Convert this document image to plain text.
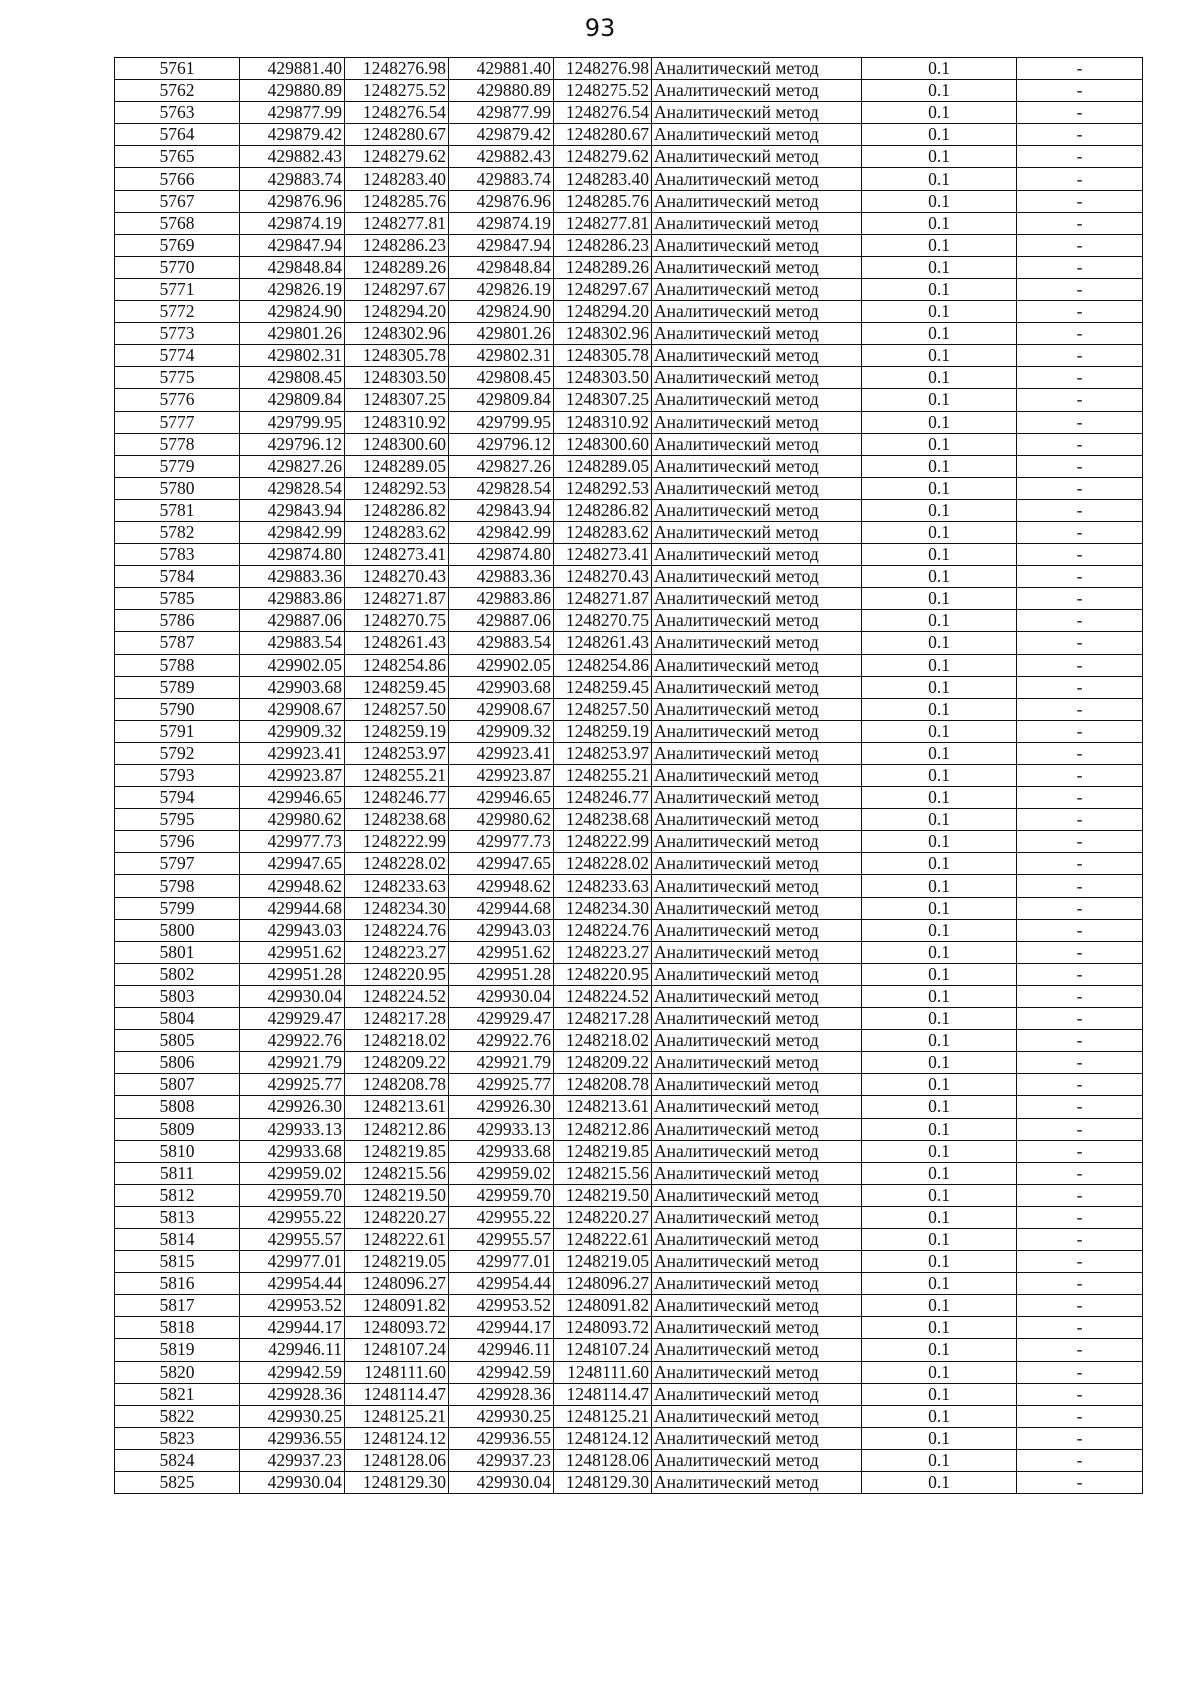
93
5761	429881.40	1248276.98	429881.40	1248276.98	Аналитический метод	0.1	-
5762	429880.89	1248275.52	429880.89	1248275.52	Аналитический метод	0.1	-
5763	429877.99	1248276.54	429877.99	1248276.54	Аналитический метод	0.1	-
5764	429879.42	1248280.67	429879.42	1248280.67	Аналитический метод	0.1	-
5765	429882.43	1248279.62	429882.43	1248279.62	Аналитический метод	0.1	-
5766	429883.74	1248283.40	429883.74	1248283.40	Аналитический метод	0.1	-
5767	429876.96	1248285.76	429876.96	1248285.76	Аналитический метод	0.1	-
5768	429874.19	1248277.81	429874.19	1248277.81	Аналитический метод	0.1	-
5769	429847.94	1248286.23	429847.94	1248286.23	Аналитический метод	0.1	-
5770	429848.84	1248289.26	429848.84	1248289.26	Аналитический метод	0.1	-
5771	429826.19	1248297.67	429826.19	1248297.67	Аналитический метод	0.1	-
5772	429824.90	1248294.20	429824.90	1248294.20	Аналитический метод	0.1	-
5773	429801.26	1248302.96	429801.26	1248302.96	Аналитический метод	0.1	-
5774	429802.31	1248305.78	429802.31	1248305.78	Аналитический метод	0.1	-
5775	429808.45	1248303.50	429808.45	1248303.50	Аналитический метод	0.1	-
5776	429809.84	1248307.25	429809.84	1248307.25	Аналитический метод	0.1	-
5777	429799.95	1248310.92	429799.95	1248310.92	Аналитический метод	0.1	-
5778	429796.12	1248300.60	429796.12	1248300.60	Аналитический метод	0.1	-
5779	429827.26	1248289.05	429827.26	1248289.05	Аналитический метод	0.1	-
5780	429828.54	1248292.53	429828.54	1248292.53	Аналитический метод	0.1	-
5781	429843.94	1248286.82	429843.94	1248286.82	Аналитический метод	0.1	-
5782	429842.99	1248283.62	429842.99	1248283.62	Аналитический метод	0.1	-
5783	429874.80	1248273.41	429874.80	1248273.41	Аналитический метод	0.1	-
5784	429883.36	1248270.43	429883.36	1248270.43	Аналитический метод	0.1	-
5785	429883.86	1248271.87	429883.86	1248271.87	Аналитический метод	0.1	-
5786	429887.06	1248270.75	429887.06	1248270.75	Аналитический метод	0.1	-
5787	429883.54	1248261.43	429883.54	1248261.43	Аналитический метод	0.1	-
5788	429902.05	1248254.86	429902.05	1248254.86	Аналитический метод	0.1	-
5789	429903.68	1248259.45	429903.68	1248259.45	Аналитический метод	0.1	-
5790	429908.67	1248257.50	429908.67	1248257.50	Аналитический метод	0.1	-
5791	429909.32	1248259.19	429909.32	1248259.19	Аналитический метод	0.1	-
5792	429923.41	1248253.97	429923.41	1248253.97	Аналитический метод	0.1	-
5793	429923.87	1248255.21	429923.87	1248255.21	Аналитический метод	0.1	-
5794	429946.65	1248246.77	429946.65	1248246.77	Аналитический метод	0.1	-
5795	429980.62	1248238.68	429980.62	1248238.68	Аналитический метод	0.1	-
5796	429977.73	1248222.99	429977.73	1248222.99	Аналитический метод	0.1	-
5797	429947.65	1248228.02	429947.65	1248228.02	Аналитический метод	0.1	-
5798	429948.62	1248233.63	429948.62	1248233.63	Аналитический метод	0.1	-
5799	429944.68	1248234.30	429944.68	1248234.30	Аналитический метод	0.1	-
5800	429943.03	1248224.76	429943.03	1248224.76	Аналитический метод	0.1	-
5801	429951.62	1248223.27	429951.62	1248223.27	Аналитический метод	0.1	-
5802	429951.28	1248220.95	429951.28	1248220.95	Аналитический метод	0.1	-
5803	429930.04	1248224.52	429930.04	1248224.52	Аналитический метод	0.1	-
5804	429929.47	1248217.28	429929.47	1248217.28	Аналитический метод	0.1	-
5805	429922.76	1248218.02	429922.76	1248218.02	Аналитический метод	0.1	-
5806	429921.79	1248209.22	429921.79	1248209.22	Аналитический метод	0.1	-
5807	429925.77	1248208.78	429925.77	1248208.78	Аналитический метод	0.1	-
5808	429926.30	1248213.61	429926.30	1248213.61	Аналитический метод	0.1	-
5809	429933.13	1248212.86	429933.13	1248212.86	Аналитический метод	0.1	-
5810	429933.68	1248219.85	429933.68	1248219.85	Аналитический метод	0.1	-
5811	429959.02	1248215.56	429959.02	1248215.56	Аналитический метод	0.1	-
5812	429959.70	1248219.50	429959.70	1248219.50	Аналитический метод	0.1	-
5813	429955.22	1248220.27	429955.22	1248220.27	Аналитический метод	0.1	-
5814	429955.57	1248222.61	429955.57	1248222.61	Аналитический метод	0.1	-
5815	429977.01	1248219.05	429977.01	1248219.05	Аналитический метод	0.1	-
5816	429954.44	1248096.27	429954.44	1248096.27	Аналитический метод	0.1	-
5817	429953.52	1248091.82	429953.52	1248091.82	Аналитический метод	0.1	-
5818	429944.17	1248093.72	429944.17	1248093.72	Аналитический метод	0.1	-
5819	429946.11	1248107.24	429946.11	1248107.24	Аналитический метод	0.1	-
5820	429942.59	1248111.60	429942.59	1248111.60	Аналитический метод	0.1	-
5821	429928.36	1248114.47	429928.36	1248114.47	Аналитический метод	0.1	-
5822	429930.25	1248125.21	429930.25	1248125.21	Аналитический метод	0.1	-
5823	429936.55	1248124.12	429936.55	1248124.12	Аналитический метод	0.1	-
5824	429937.23	1248128.06	429937.23	1248128.06	Аналитический метод	0.1	-
5825	429930.04	1248129.30	429930.04	1248129.30	Аналитический метод	0.1	-
